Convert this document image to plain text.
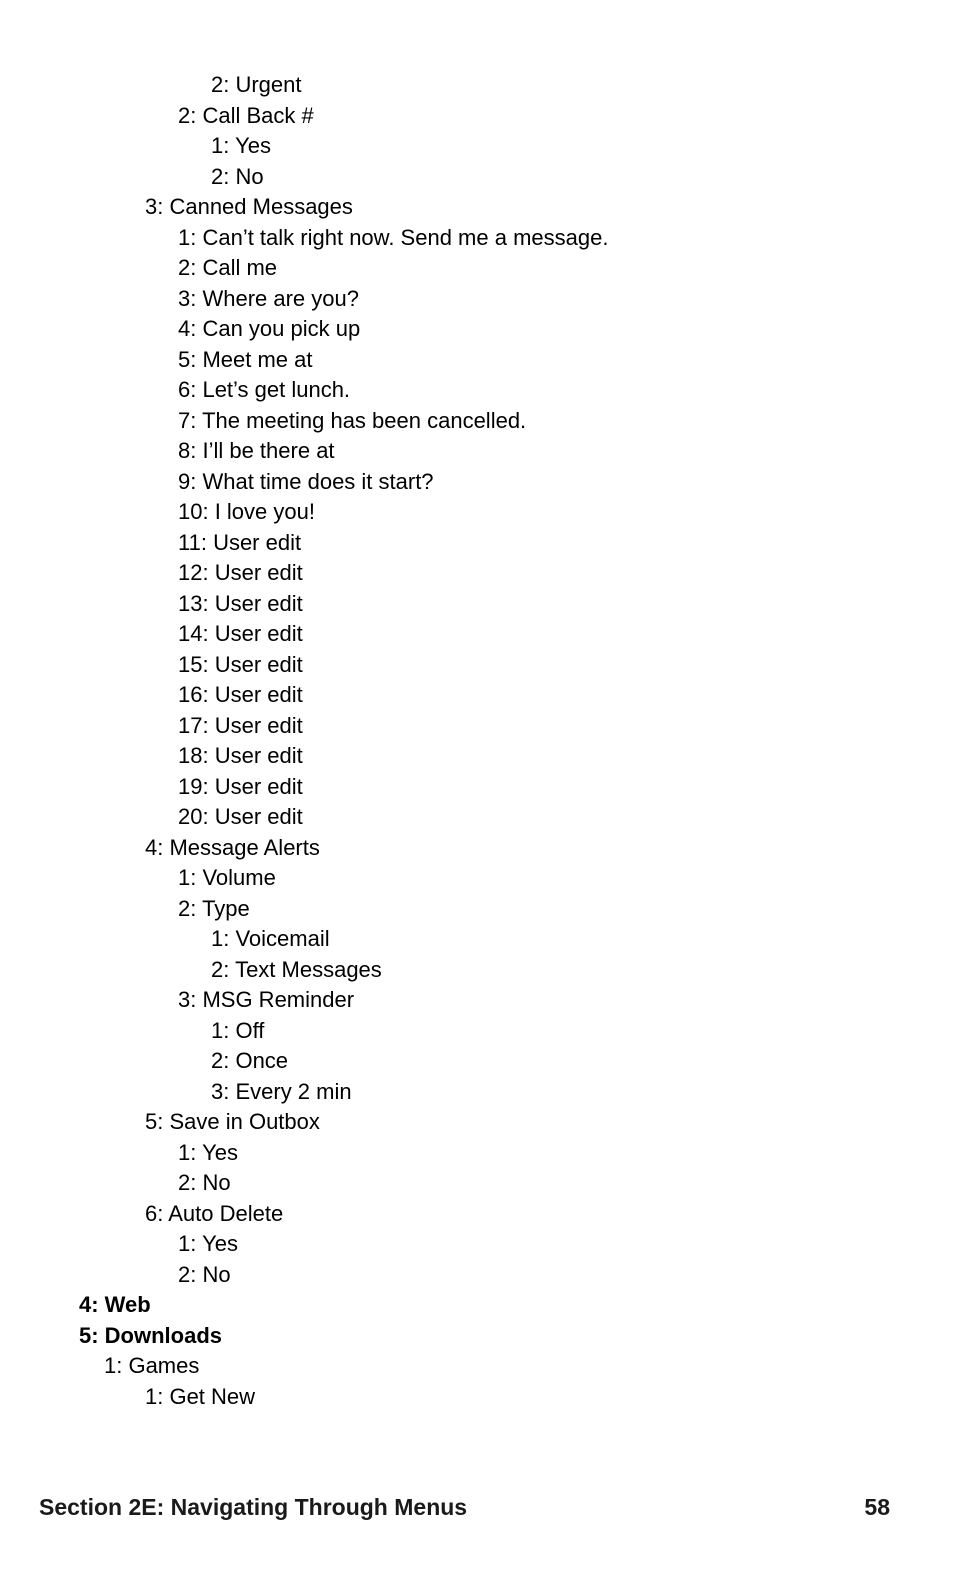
2: Urgent
2: Call Back #
1: Yes
2: No
3: Canned Messages
1: Can’t talk right now. Send me a message.
2: Call me
3: Where are you?
4: Can you pick up
5: Meet me at
6: Let’s get lunch.
7: The meeting has been cancelled.
8: I’ll be there at
9: What time does it start?
10: I love you!
11: User edit
12: User edit
13: User edit
14: User edit
15: User edit
16: User edit
17: User edit
18: User edit
19: User edit
20: User edit
4: Message Alerts
1: Volume
2: Type
1: Voicemail
2: Text Messages
3: MSG Reminder
1: Off
2: Once
3: Every 2 min
5: Save in Outbox
1: Yes
2: No
6: Auto Delete
1: Yes
2: No
4: Web
5: Downloads
1: Games
1: Get New
Section 2E: Navigating Through Menus	58
